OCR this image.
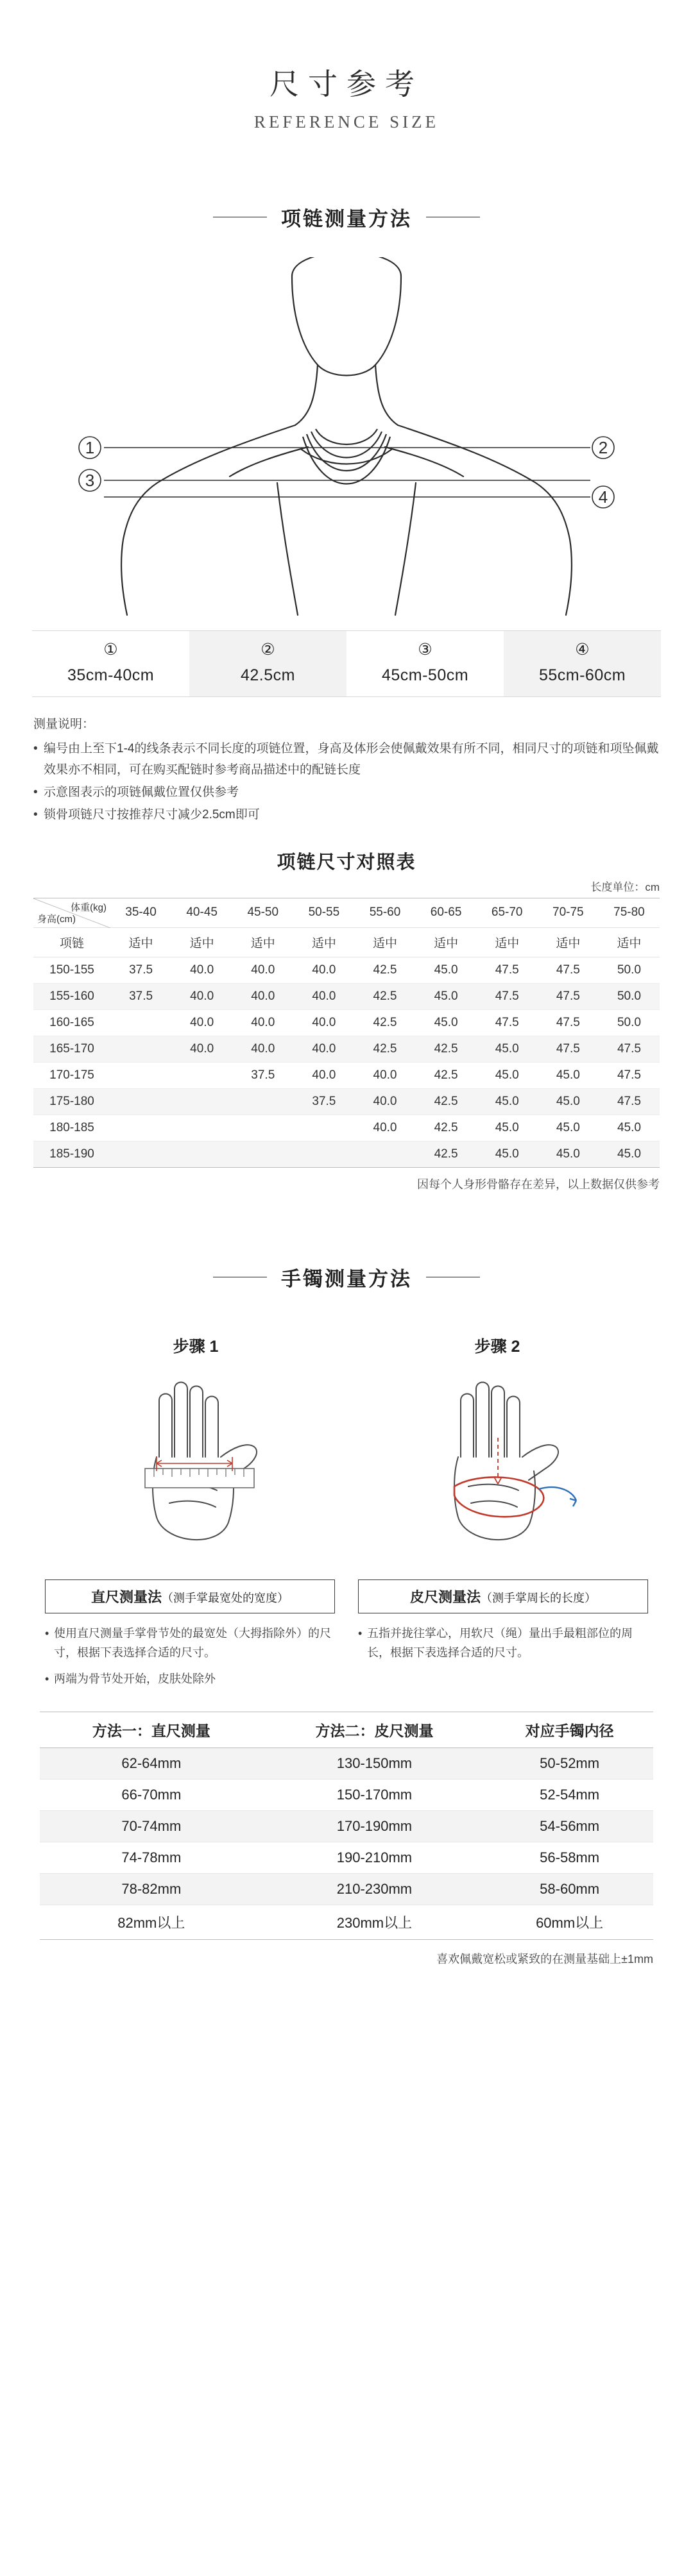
尺寸参考
REFERENCE SIZE
项链测量方法
1
3
2
4
①
35cm-40cm
②
42.5cm
③
45cm-50cm
④
55cm-60cm
测量说明：
• 编号由上至下1-4的线条表示不同长度的项链位置，身高及体形会使佩戴效果有所不同，相同尺寸的项链和项坠佩戴效果亦不相同，可在购买配链时参考商品描述中的配链长度
• 示意图表示的项链佩戴位置仅供参考
• 锁骨项链尺寸按推荐尺寸减少2.5cm即可
项链尺寸对照表
长度单位：cm
体重(kg)
身高(cm)	35-40	40-45	45-50	50-55	55-60	60-65	65-70	70-75	75-80
项链	适中	适中	适中	适中	适中	适中	适中	适中	适中
150-155	37.5	40.0	40.0	40.0	42.5	45.0	47.5	47.5	50.0
155-160	37.5	40.0	40.0	40.0	42.5	45.0	47.5	47.5	50.0
160-165		40.0	40.0	40.0	42.5	45.0	47.5	47.5	50.0
165-170		40.0	40.0	40.0	42.5	42.5	45.0	47.5	47.5
170-175			37.5	40.0	40.0	42.5	45.0	45.0	47.5
175-180				37.5	40.0	42.5	45.0	45.0	47.5
180-185					40.0	42.5	45.0	45.0	45.0
185-190						42.5	45.0	45.0	45.0
因每个人身形骨骼存在差异，以上数据仅供参考
手镯测量方法
步骤 1	步骤 2
直尺测量法（测手掌最宽处的宽度）	皮尺测量法（测手掌周长的长度）

• 使用直尺测量手掌骨节处的最宽处（大拇指除外）的尺寸，根据下表选择合适的尺寸。

• 两端为骨节处开始，皮肤处除外

• 五指并拢往掌心，用软尺（绳）量出手最粗部位的周长，根据下表选择合适的尺寸。

方法一：直尺测量	方法二：皮尺测量	对应手镯内径
62-64mm	130-150mm	50-52mm
66-70mm	150-170mm	52-54mm
70-74mm	170-190mm	54-56mm
74-78mm	190-210mm	56-58mm
78-82mm	210-230mm	58-60mm
82mm以上	230mm以上	60mm以上
喜欢佩戴宽松或紧致的在测量基础上±1mm
